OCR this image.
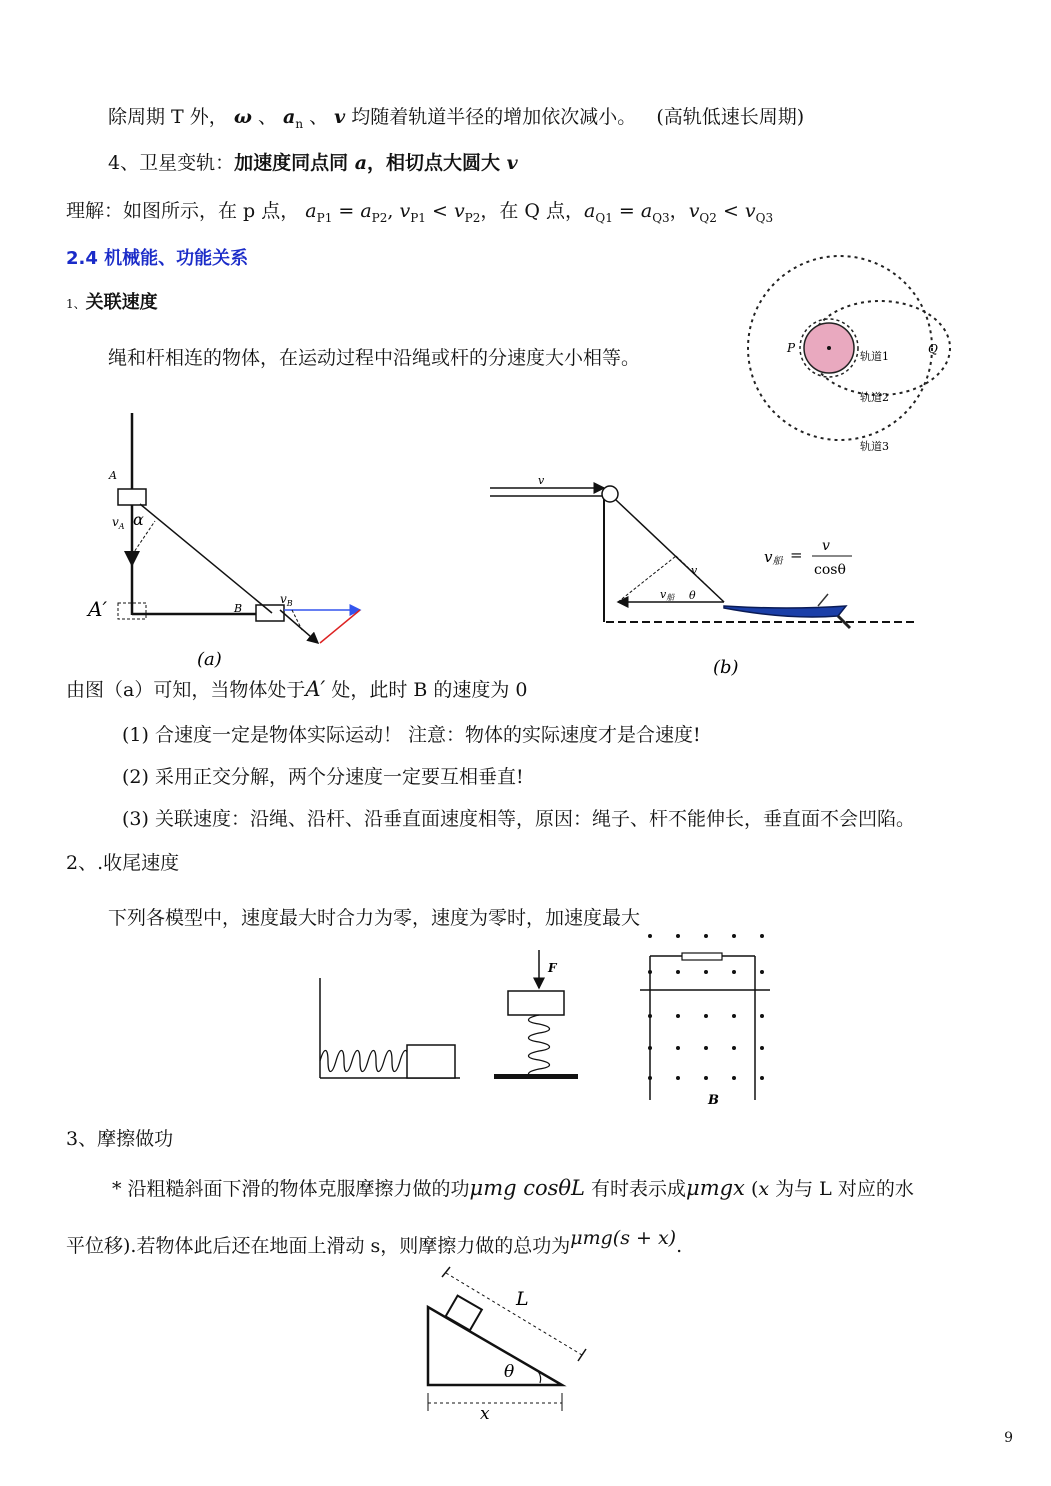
除周期 T 外， ω 、 $a_n$ 、 v 均随着轨道半径的增加依次减小。 (高轨低速长周期)
4、卫星变轨：加速度同点同 a，相切点大圆大 v
理解：如图所示，在 p 点， $a_{P1} = a_{P2}$, $v_{P1} < v_{P2}$，在 Q 点，$a_{Q1} = a_{Q3}$，$v_{Q2} < v_{Q3}$
2.4 机械能、功能关系
1、关联速度
绳和杆相连的物体，在运动过程中沿绳或杆的分速度大小相等。	P	Q
轨道1
轨道2
轨道3
A
$v_A$ α
A′	B
$v_B$
(a)
v
v
v船 θ
(b)
v船 = v
cosθ
由图（a）可知，当物体处于A′ 处，此时 B 的速度为 0
(1) 合速度一定是物体实际运动！ 注意：物体的实际速度才是合速度!
(2) 采用正交分解，两个分速度一定要互相垂直!
(3) 关联速度：沿绳、沿杆、沿垂直面速度相等，原因：绳子、杆不能伸长，垂直面不会凹陷。
2、.收尾速度
下列各模型中，速度最大时合力为零，速度为零时，加速度最大
F
B
3、摩擦做功
* 沿粗糙斜面下滑的物体克服摩擦力做的功μmg cosθL 有时表示成μmgx (x 为与 L 对应的水
平位移).若物体此后还在地面上滑动 s，则摩擦力做的总功为μmg(s + x).
L
θ
x
9
